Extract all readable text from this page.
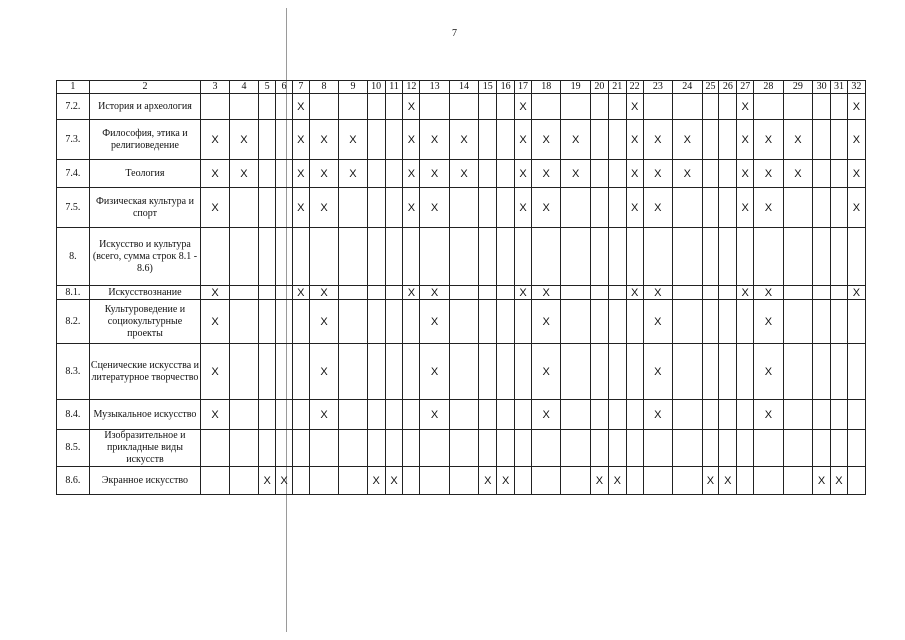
7
1	2	3	4	5	6	7	8	9	10	11	12	13	14	15	16	17	18	19	20	21	22	23	24	25	26	27	28	29	30	31	32
7.2.	История и археология					X					X					X					X					X					X
7.3.	Философия, этика и религиоведение	X	X			X	X	X			X	X	X			X	X	X			X	X	X			X	X	X			X
7.4.	Теология	X	X			X	X	X			X	X	X			X	X	X			X	X	X			X	X	X			X
7.5.	Физическая культура и спорт	X				X	X				X	X				X	X				X	X				X	X				X
8.	Искусство и культура (всего, сумма строк 8.1 - 8.6)																														
8.1.	Искусствознание	X				X	X				X	X				X	X				X	X				X	X				X
8.2.	Культуроведение и социокультурные проекты	X					X					X					X					X					X				
8.3.	Сценические искусства и литературное творчество	X					X					X					X					X					X				
8.4.	Музыкальное искусство	X					X					X					X					X					X				
8.5.	Изобразительное и прикладные виды искусств																														
8.6.	Экранное искусство			X	X				X	X				X	X				X	X				X	X				X	X	
